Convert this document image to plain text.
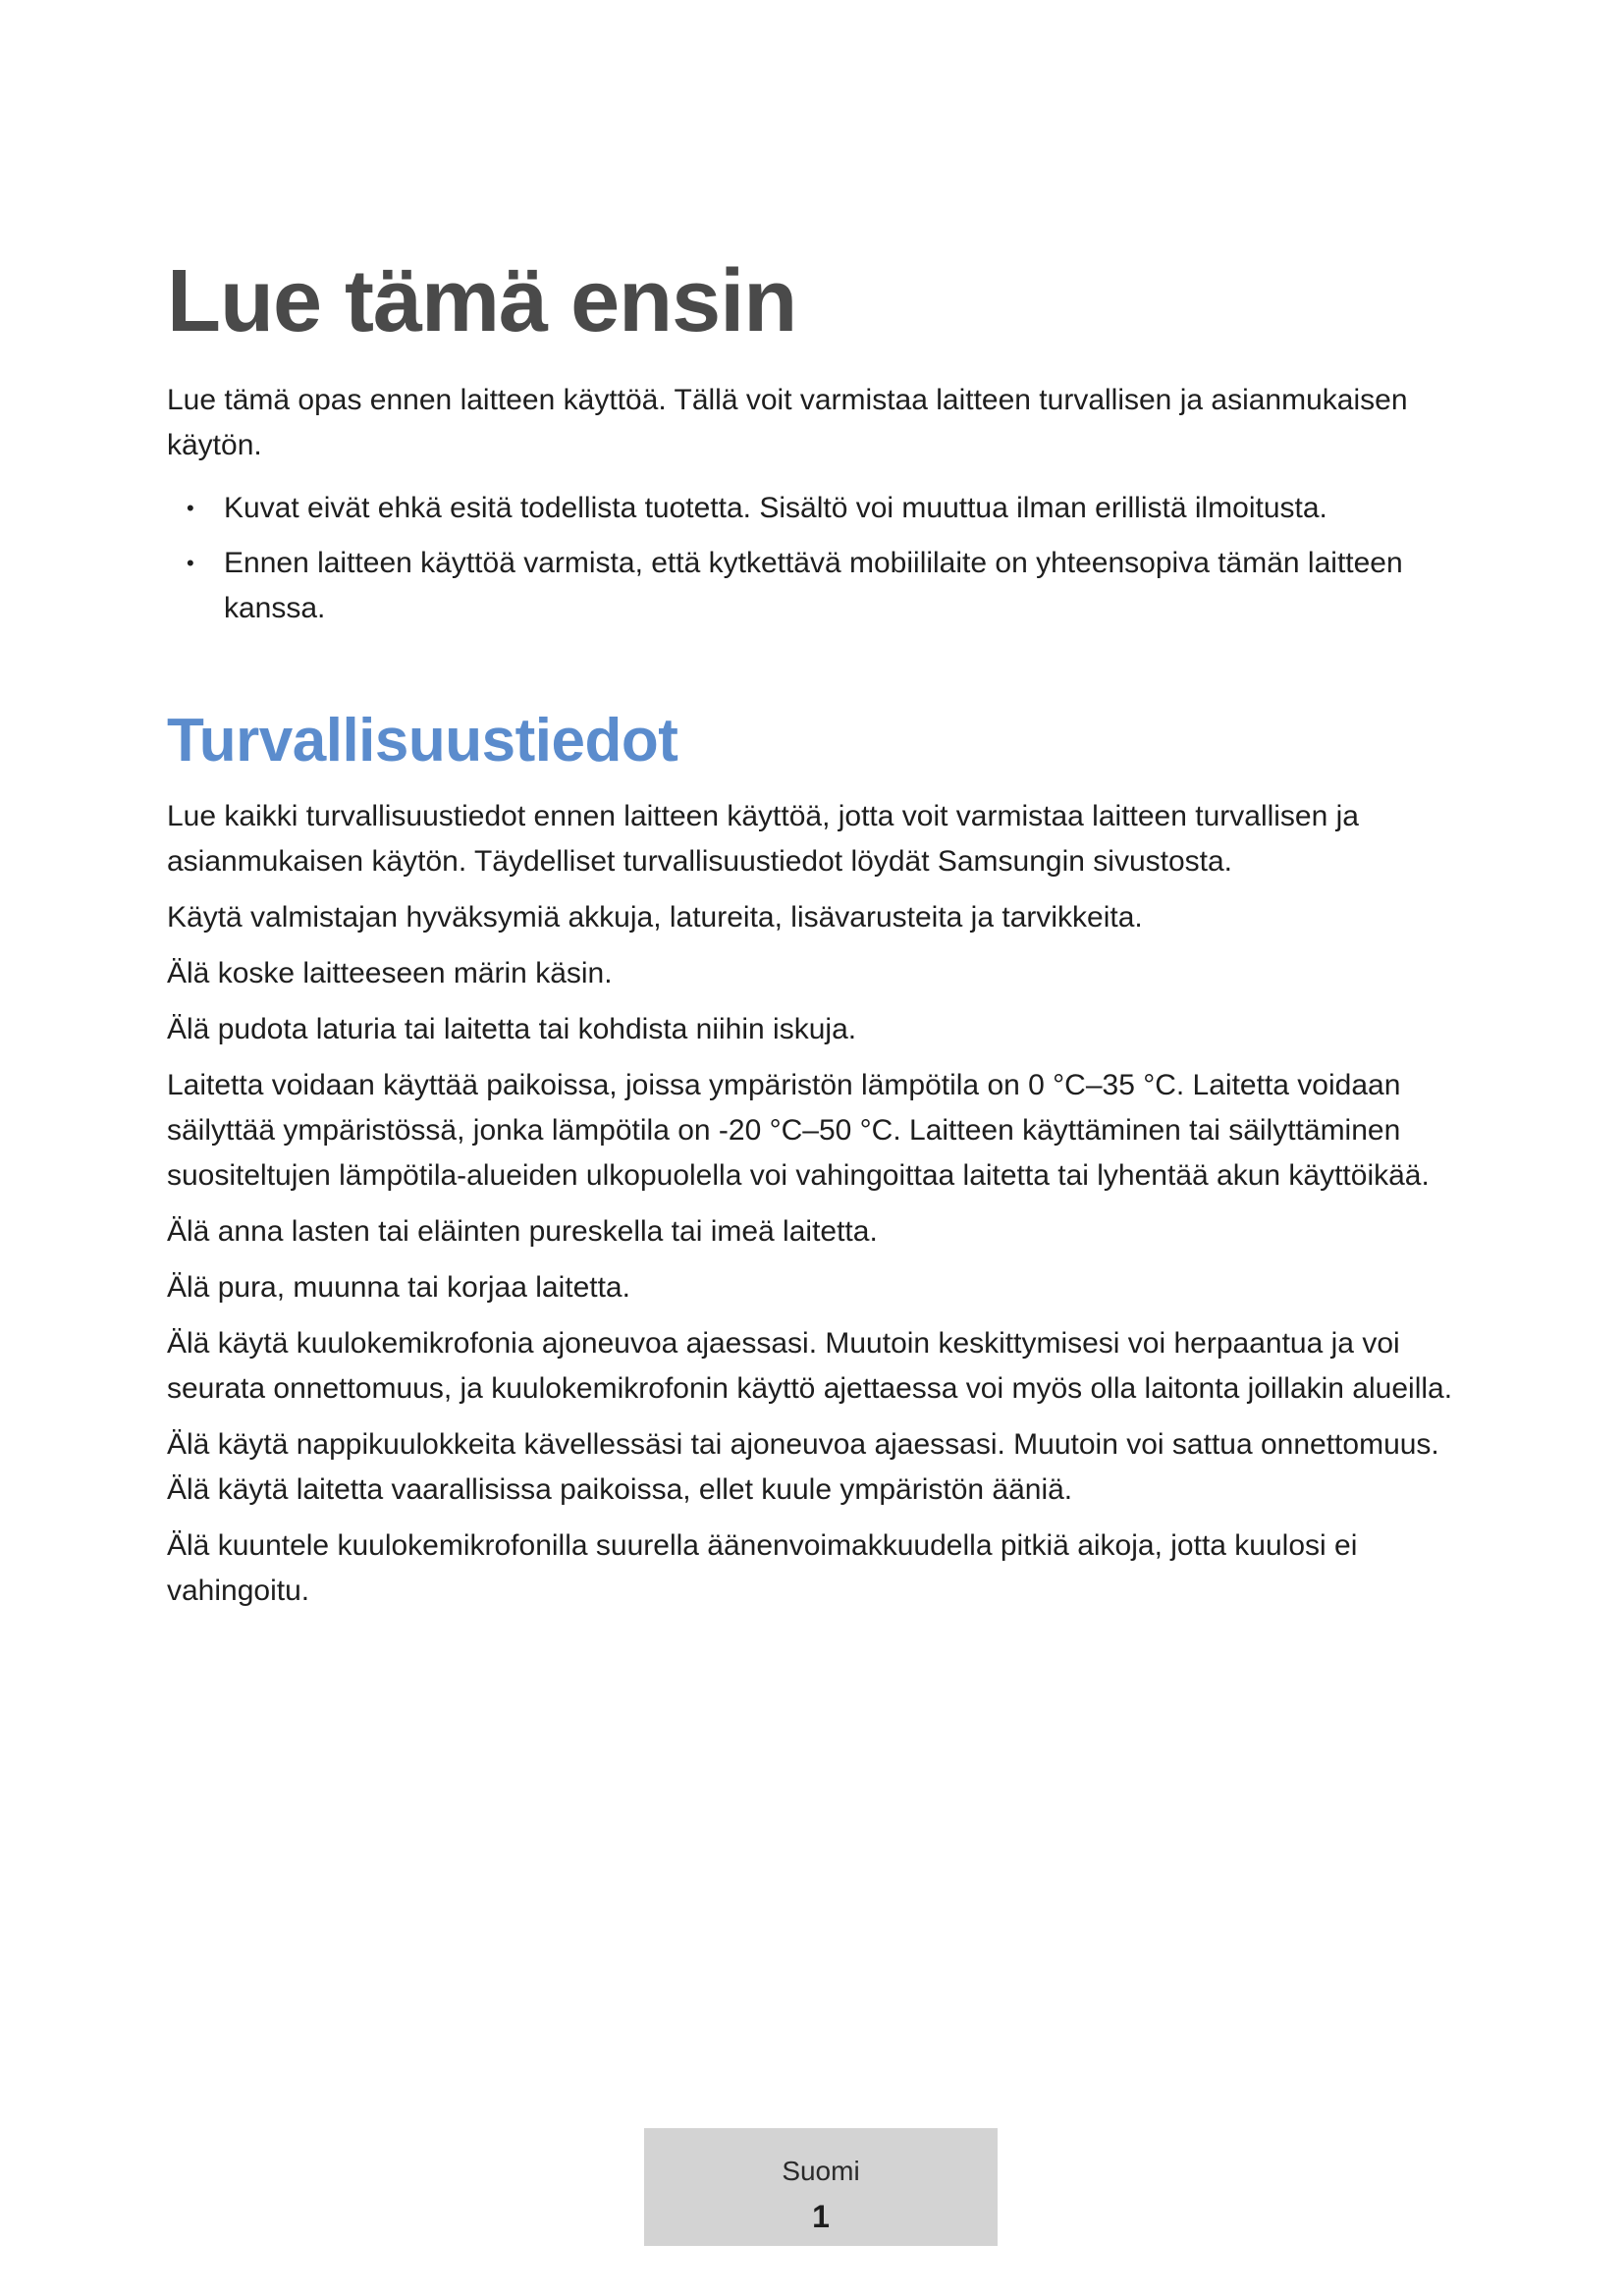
Lue tämä ensin

Lue tämä opas ennen laitteen käyttöä. Tällä voit varmistaa laitteen turvallisen ja asianmukaisen käytön.

• Kuvat eivät ehkä esitä todellista tuotetta. Sisältö voi muuttua ilman erillistä ilmoitusta.
• Ennen laitteen käyttöä varmista, että kytkettävä mobiililaite on yhteensopiva tämän laitteen kanssa.
Turvallisuustiedot

Lue kaikki turvallisuustiedot ennen laitteen käyttöä, jotta voit varmistaa laitteen turvallisen ja asianmukaisen käytön. Täydelliset turvallisuustiedot löydät Samsungin sivustosta.

Käytä valmistajan hyväksymiä akkuja, latureita, lisävarusteita ja tarvikkeita.

Älä koske laitteeseen märin käsin.

Älä pudota laturia tai laitetta tai kohdista niihin iskuja.

Laitetta voidaan käyttää paikoissa, joissa ympäristön lämpötila on 0 °C–35 °C. Laitetta voidaan säilyttää ympäristössä, jonka lämpötila on -20 °C–50 °C. Laitteen käyttäminen tai säilyttäminen suositeltujen lämpötila-alueiden ulkopuolella voi vahingoittaa laitetta tai lyhentää akun käyttöikää.

Älä anna lasten tai eläinten pureskella tai imeä laitetta.

Älä pura, muunna tai korjaa laitetta.

Älä käytä kuulokemikrofonia ajoneuvoa ajaessasi. Muutoin keskittymisesi voi herpaantua ja voi seurata onnettomuus, ja kuulokemikrofonin käyttö ajettaessa voi myös olla laitonta joillakin alueilla.

Älä käytä nappikuulokkeita kävellessäsi tai ajoneuvoa ajaessasi. Muutoin voi sattua onnettomuus. Älä käytä laitetta vaarallisissa paikoissa, ellet kuule ympäristön ääniä.

Älä kuuntele kuulokemikrofonilla suurella äänenvoimakkuudella pitkiä aikoja, jotta kuulosi ei vahingoitu.

Suomi
1
